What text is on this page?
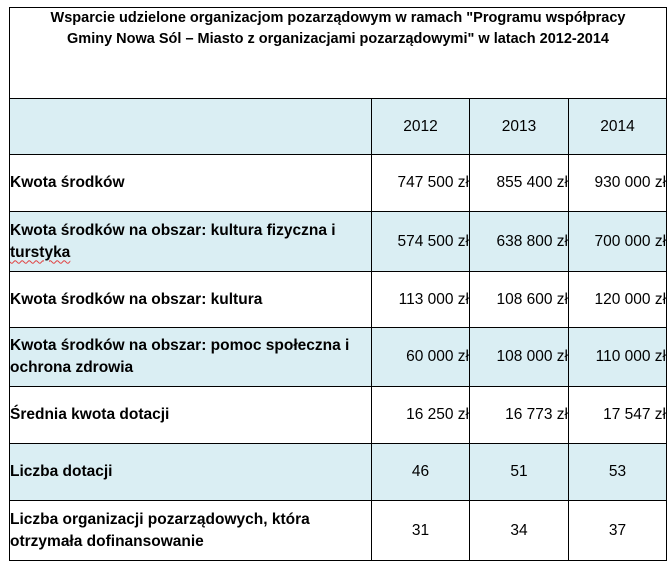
Wsparcie udzielone organizacjom pozarządowym w ramach "Programu współpracy
Gminy Nowa Sól – Miasto z organizacjami pozarządowymi" w latach 2012-2014			

	2012	2013	2014
Kwota środków	747 500 zł	855 400 zł	930 000 zł

Kwota środków na obszar: kultura fizyczna i
turstyka	574 500 zł	638 800 zł	700 000 zł
Kwota środków na obszar: kultura	113 000 zł	108 600 zł	120 000 zł

Kwota środków na obszar: pomoc społeczna i
ochrona zdrowia	60 000 zł	108 000 zł	110 000 zł
Średnia kwota dotacji	16 250 zł	16 773 zł	17 547 zł
Liczba dotacji	46	51	53

Liczba organizacji pozarządowych, która
otrzymała dofinansowanie	31	34	37
